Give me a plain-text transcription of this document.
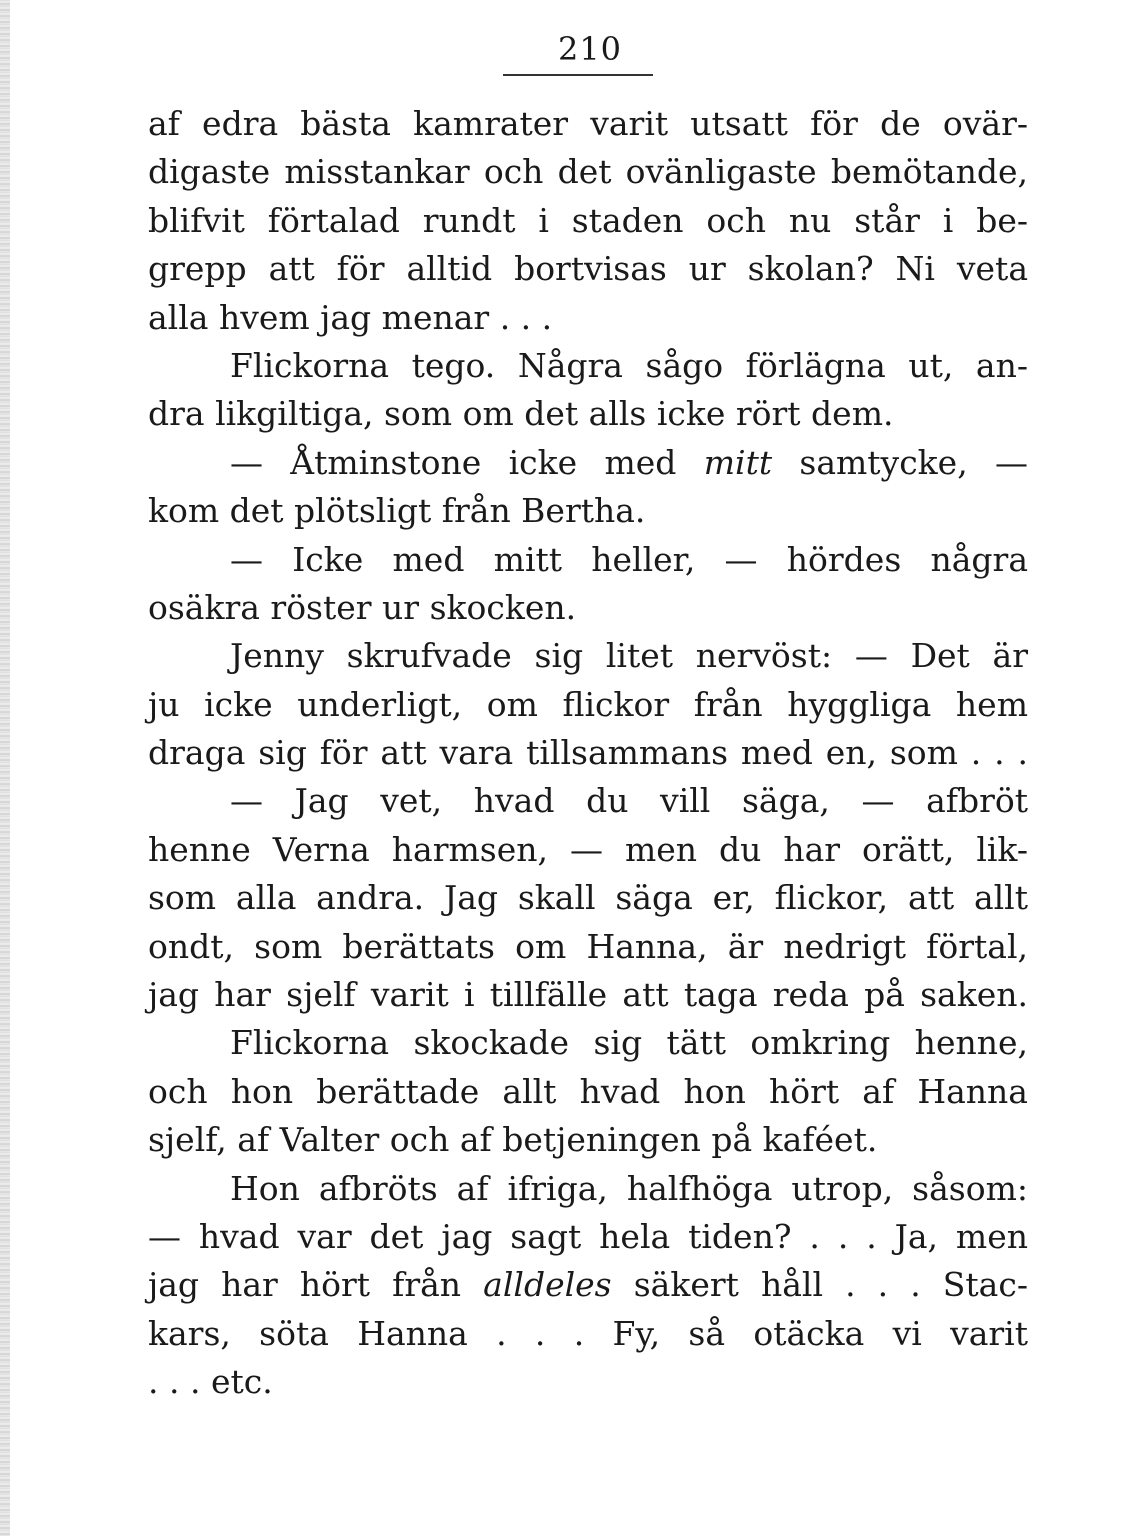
210
af edra bästa kamrater varit utsatt för de ovär-
digaste misstankar och det ovänligaste bemötande,
blifvit förtalad rundt i staden och nu står i be-
grepp att för alltid bortvisas ur skolan? Ni veta
alla hvem jag menar . . .
Flickorna tego. Några sågo förlägna ut, an-
dra likgiltiga, som om det alls icke rört dem.
— Åtminstone icke med mitt samtycke, —
kom det plötsligt från Bertha.
— Icke med mitt heller, — hördes några
osäkra röster ur skocken.
Jenny skrufvade sig litet nervöst: — Det är
ju icke underligt, om flickor från hyggliga hem
draga sig för att vara tillsammans med en, som . . .
— Jag vet, hvad du vill säga, — afbröt
henne Verna harmsen, — men du har orätt, lik-
som alla andra. Jag skall säga er, flickor, att allt
ondt, som berättats om Hanna, är nedrigt förtal,
jag har sjelf varit i tillfälle att taga reda på saken.
Flickorna skockade sig tätt omkring henne,
och hon berättade allt hvad hon hört af Hanna
sjelf, af Valter och af betjeningen på kaféet.
Hon afbröts af ifriga, halfhöga utrop, såsom:
— hvad var det jag sagt hela tiden? . . . Ja, men
jag har hört från alldeles säkert håll . . . Stac-
kars, söta Hanna . . . Fy, så otäcka vi varit
. . . etc.
